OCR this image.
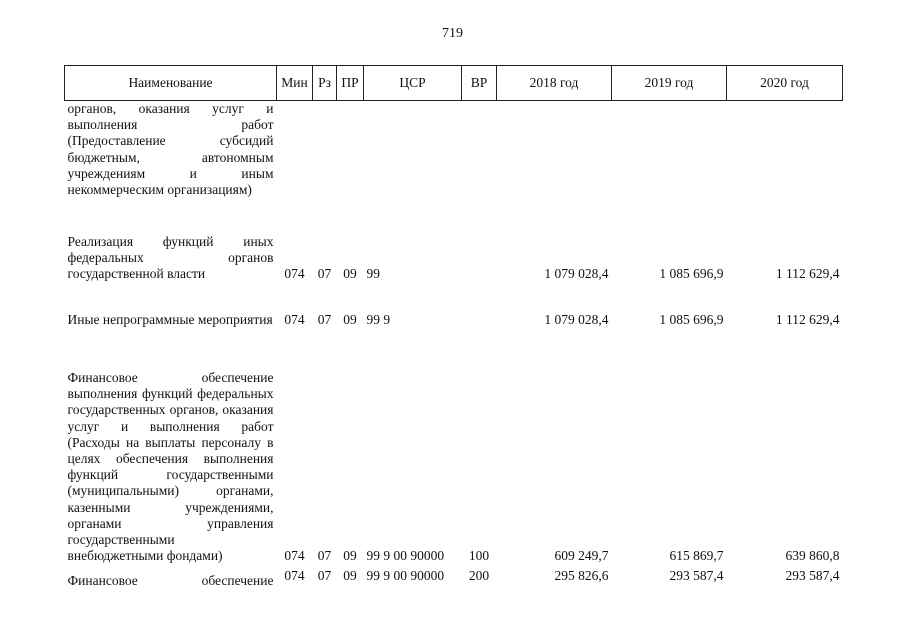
719
Наименование	Мин	Рз	ПР	ЦСР	ВР	2018 год	2019 год	2020 год
органов, оказания услуг и выполнения работ (Предоставление субсидий бюджетным, автономным учреждениям и иным некоммерческим организациям)								
Реализация функций иных федеральных органов государственной власти	074	07	09	99		1 079 028,4	1 085 696,9	1 112 629,4
Иные непрограммные мероприятия	074	07	09	99 9		1 079 028,4	1 085 696,9	1 112 629,4
Финансовое обеспечение выполнения функций федеральных государственных органов, оказания услуг и выполнения работ (Расходы на выплаты персоналу в целях обеспечения выполнения функций государственными (муниципальными) органами, казенными учреждениями, органами управления государственными внебюджетными фондами)	074	07	09	99 9 00 90000	100	609 249,7	615 869,7	639 860,8
Финансовое обеспечение	074	07	09	99 9 00 90000	200	295 826,6	293 587,4	293 587,4
